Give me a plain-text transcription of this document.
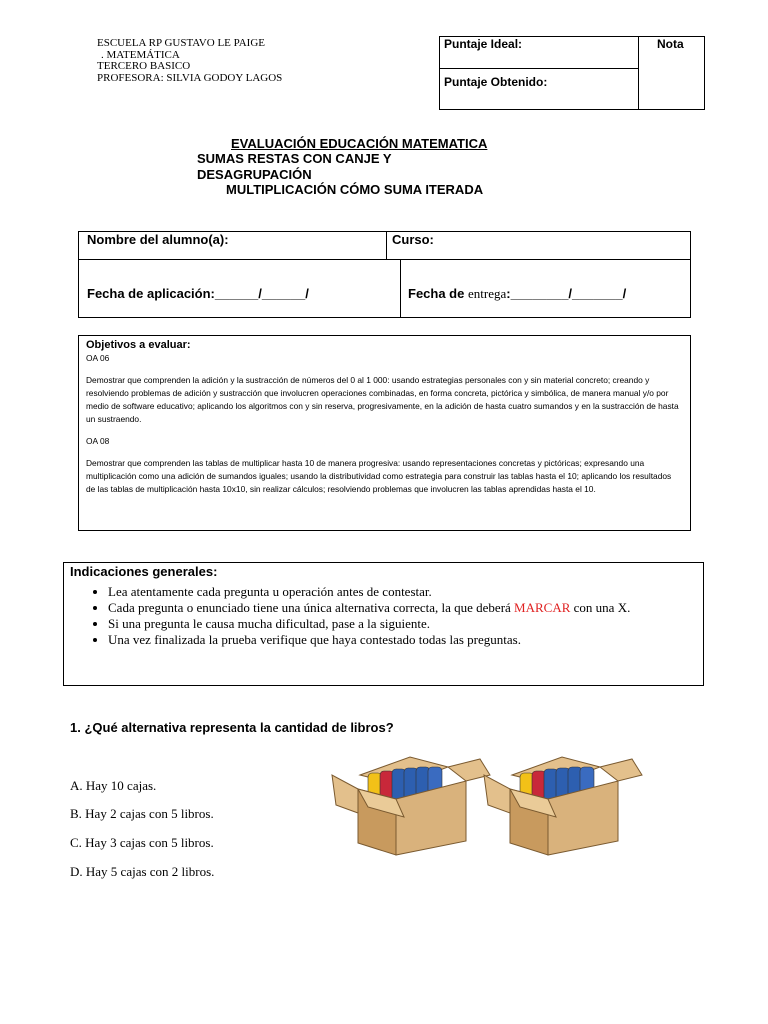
ESCUELA RP GUSTAVO LE PAIGE
. MATEMÁTICA
TERCERO BASICO
PROFESORA: SILVIA GODOY LAGOS
Puntaje Ideal:
Puntaje Obtenido:
Nota
EVALUACIÓN EDUCACIÓN MATEMATICA
SUMAS RESTAS CON CANJE Y
DESAGRUPACIÓN
MULTIPLICACIÓN CÓMO SUMA ITERADA
Nombre del alumno(a):	Curso:
Fecha de aplicación:______/______/	Fecha de entrega:________/_______/
Objetivos a evaluar:
OA 06
Demostrar que comprenden la adición y la sustracción de números del 0 al 1 000: usando estrategias personales con y sin material concreto; creando y resolviendo problemas de adición y sustracción que involucren operaciones combinadas, en forma concreta, pictórica y simbólica, de manera manual y/o por medio de software educativo; aplicando los algoritmos con y sin reserva, progresivamente, en la adición de hasta cuatro sumandos y en la sustracción de hasta un sustraendo.
OA 08
Demostrar que comprenden las tablas de multiplicar hasta 10 de manera progresiva: usando representaciones concretas y pictóricas; expresando una multiplicación como una adición de sumandos iguales; usando la distributividad como estrategia para construir las tablas hasta el 10; aplicando los resultados de las tablas de multiplicación hasta 10x10, sin realizar cálculos; resolviendo problemas que involucren las tablas aprendidas hasta el 10.
Indicaciones generales:
• Lea atentamente cada pregunta u operación antes de contestar.
• Cada pregunta o enunciado tiene una única alternativa correcta, la que deberá MARCAR con una X.
• Si una pregunta le causa mucha dificultad, pase a la siguiente.
• Una vez finalizada la prueba verifique que haya contestado todas las preguntas.
1. ¿Qué alternativa representa la cantidad de libros?
A. Hay 10 cajas.
B. Hay 2 cajas con 5 libros.
C. Hay 3 cajas con 5 libros.
D. Hay 5 cajas con 2 libros.
